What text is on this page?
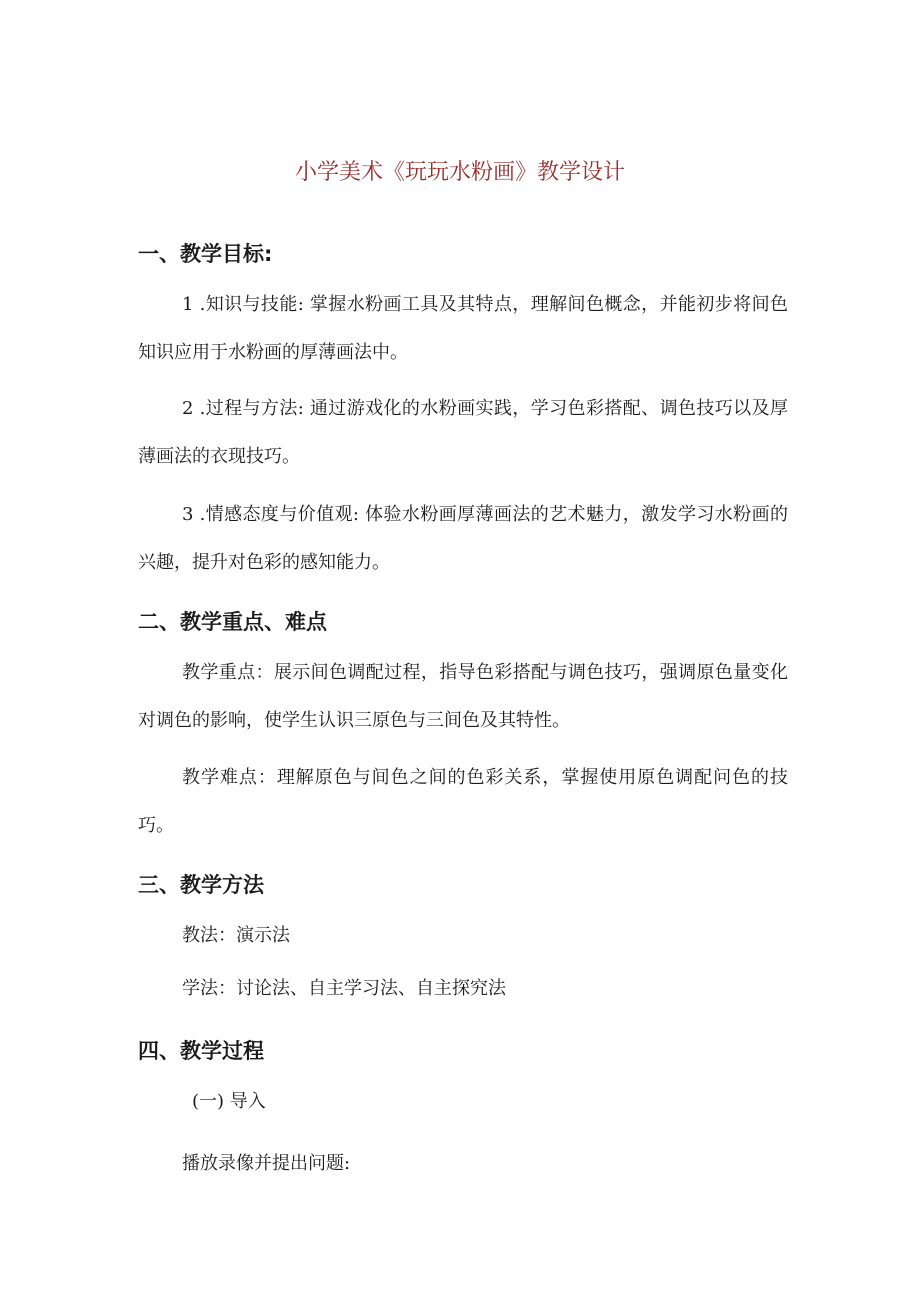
小学美术《玩玩水粉画》教学设计
一、教学目标:

1 .知识与技能: 掌握水粉画工具及其特点，理解间色概念，并能初步将间色知识应用于水粉画的厚薄画法中。

2 .过程与方法: 通过游戏化的水粉画实践，学习色彩搭配、调色技巧以及厚薄画法的衣现技巧。

3 .情感态度与价值观: 体验水粉画厚薄画法的艺术魅力，激发学习水粉画的兴趣，提升对色彩的感知能力。

二、教学重点、难点

教学重点：展示间色调配过程，指导色彩搭配与调色技巧，强调原色量变化对调色的影响，使学生认识三原色与三间色及其特性。

教学难点：理解原色与间色之间的色彩关系，掌握使用原色调配问色的技巧。

三、教学方法
教法：演示法
学法：讨论法、自主学习法、自主探究法
四、教学过程
(一) 导入
播放录像并提出问题:
